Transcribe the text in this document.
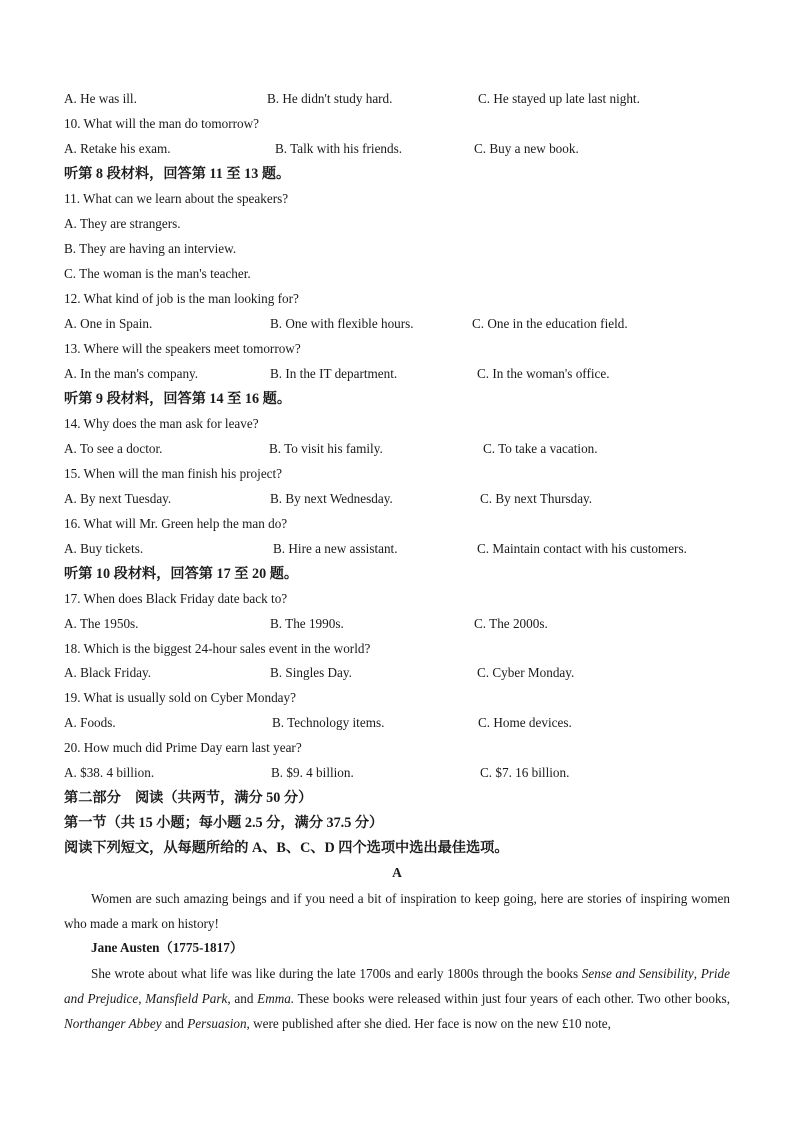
A. He was ill.	B. He didn't study hard.	C. He stayed up late last night.
10. What will the man do tomorrow?
A. Retake his exam.	B. Talk with his friends.	C. Buy a new book.
听第 8 段材料，回答第 11 至 13 题。
11. What can we learn about the speakers?
A. They are strangers.
B. They are having an interview.
C. The woman is the man's teacher.
12. What kind of job is the man looking for?
A. One in Spain.	B. One with flexible hours.	C. One in the education field.
13. Where will the speakers meet tomorrow?
A. In the man's company.	B. In the IT department.	C. In the woman's office.
听第 9 段材料，回答第 14 至 16 题。
14. Why does the man ask for leave?
A. To see a doctor.	B. To visit his family.	C. To take a vacation.
15. When will the man finish his project?
A. By next Tuesday.	B. By next Wednesday.	C. By next Thursday.
16. What will Mr. Green help the man do?
A. Buy tickets.	B. Hire a new assistant.	C. Maintain contact with his customers.
听第 10 段材料，回答第 17 至 20 题。
17. When does Black Friday date back to?
A. The 1950s.	B. The 1990s.	C. The 2000s.
18. Which is the biggest 24-hour sales event in the world?
A. Black Friday.	B. Singles Day.	C. Cyber Monday.
19. What is usually sold on Cyber Monday?
A. Foods.	B. Technology items.	C. Home devices.
20. How much did Prime Day earn last year?
A. $38. 4 billion.	B. $9. 4 billion.	C. $7. 16 billion.
第二部分　阅读（共两节，满分 50 分）
第一节（共 15 小题；每小题 2.5 分，满分 37.5 分）
阅读下列短文，从每题所给的 A、B、C、D 四个选项中选出最佳选项。
A
Women are such amazing beings and if you need a bit of inspiration to keep going, here are stories of inspiring women who made a mark on history!
Jane Austen（1775-1817）
She wrote about what life was like during the late 1700s and early 1800s through the books Sense and Sensibility, Pride and Prejudice, Mansfield Park, and Emma. These books were released within just four years of each other. Two other books, Northanger Abbey and Persuasion, were published after she died. Her face is now on the new £10 note,
